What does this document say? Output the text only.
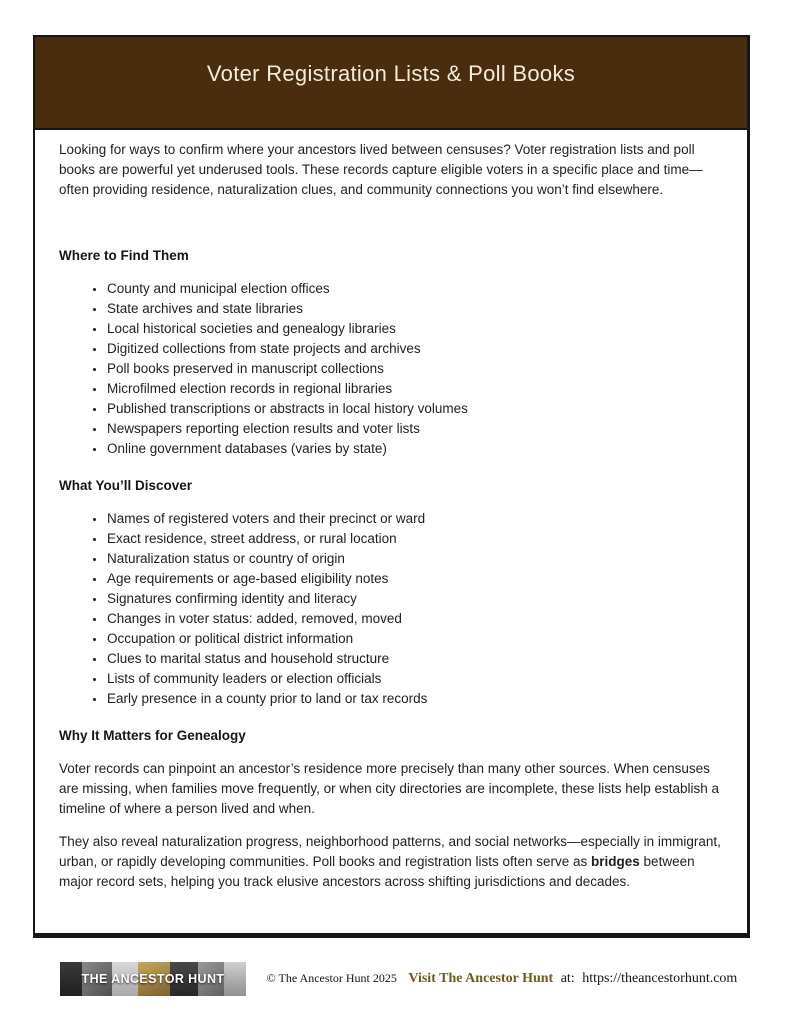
Voter Registration Lists & Poll Books

Looking for ways to confirm where your ancestors lived between censuses? Voter registration lists and poll books are powerful yet underused tools. These records capture eligible voters in a specific place and time—often providing residence, naturalization clues, and community connections you won’t find elsewhere.

Where to Find Them
• County and municipal election offices
• State archives and state libraries
• Local historical societies and genealogy libraries
• Digitized collections from state projects and archives
• Poll books preserved in manuscript collections
• Microfilmed election records in regional libraries
• Published transcriptions or abstracts in local history volumes
• Newspapers reporting election results and voter lists
• Online government databases (varies by state)
What You’ll Discover
• Names of registered voters and their precinct or ward
• Exact residence, street address, or rural location
• Naturalization status or country of origin
• Age requirements or age-based eligibility notes
• Signatures confirming identity and literacy
• Changes in voter status: added, removed, moved
• Occupation or political district information
• Clues to marital status and household structure
• Lists of community leaders or election officials
• Early presence in a county prior to land or tax records
Why It Matters for Genealogy

Voter records can pinpoint an ancestor’s residence more precisely than many other sources. When censuses are missing, when families move frequently, or when city directories are incomplete, these lists help establish a timeline of where a person lived and when.

They also reveal naturalization progress, neighborhood patterns, and social networks—especially in immigrant, urban, or rapidly developing communities. Poll books and registration lists often serve as bridges between major record sets, helping you track elusive ancestors across shifting jurisdictions and decades.

THE ANCESTOR HUNT	© The Ancestor Hunt 2025 Visit The Ancestor Hunt at: https://theancestorhunt.com
